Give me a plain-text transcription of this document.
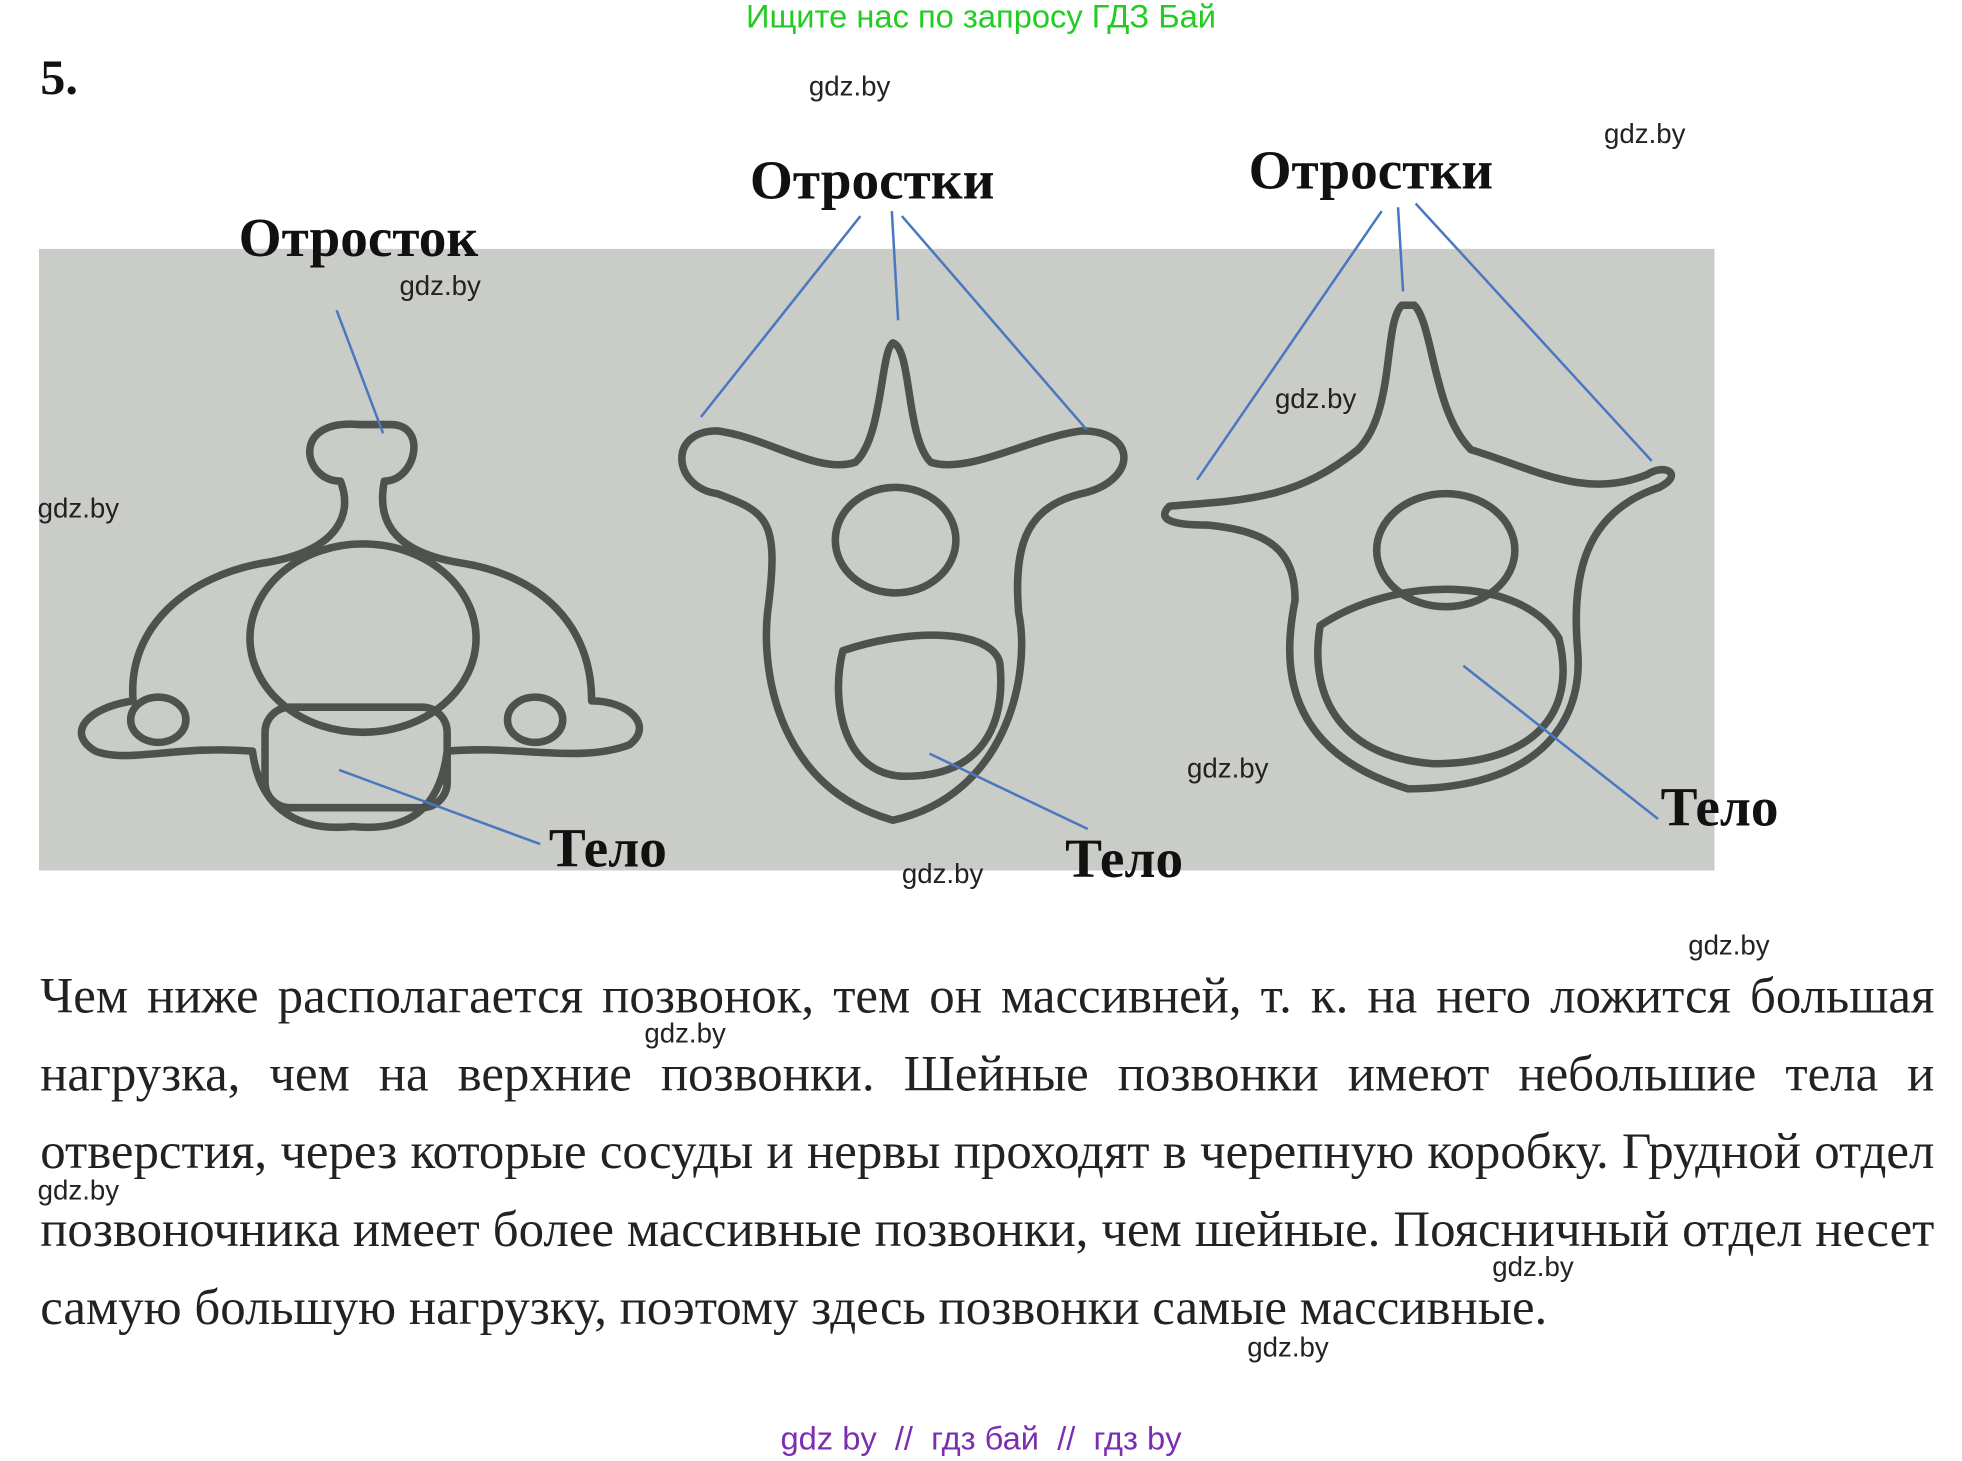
Ищите нас по запросу ГДЗ Бай
5.
Отросток
Отростки	Отростки
Тело	Тело
Тело
Чем ниже располагается позвонок, тем он массивней, т. к. на него ложится большая нагрузка, чем на верхние позвонки. Шейные позвонки имеют небольшие тела и отверстия, через которые сосуды и нервы проходят в черепную коробку. Грудной отдел позвоночника имеет более массивные позвонки, чем шейные. Поясничный отдел несет самую большую нагрузку, поэтому здесь позвонки самые массивные.
gdz.by
gdz.by
gdz.by
gdz.by
gdz.by
gdz.by
gdz.by
gdz.by
gdz.by
gdz.by
gdz.by
gdz.by
gdz by  //  гдз бай  //  гдз by
